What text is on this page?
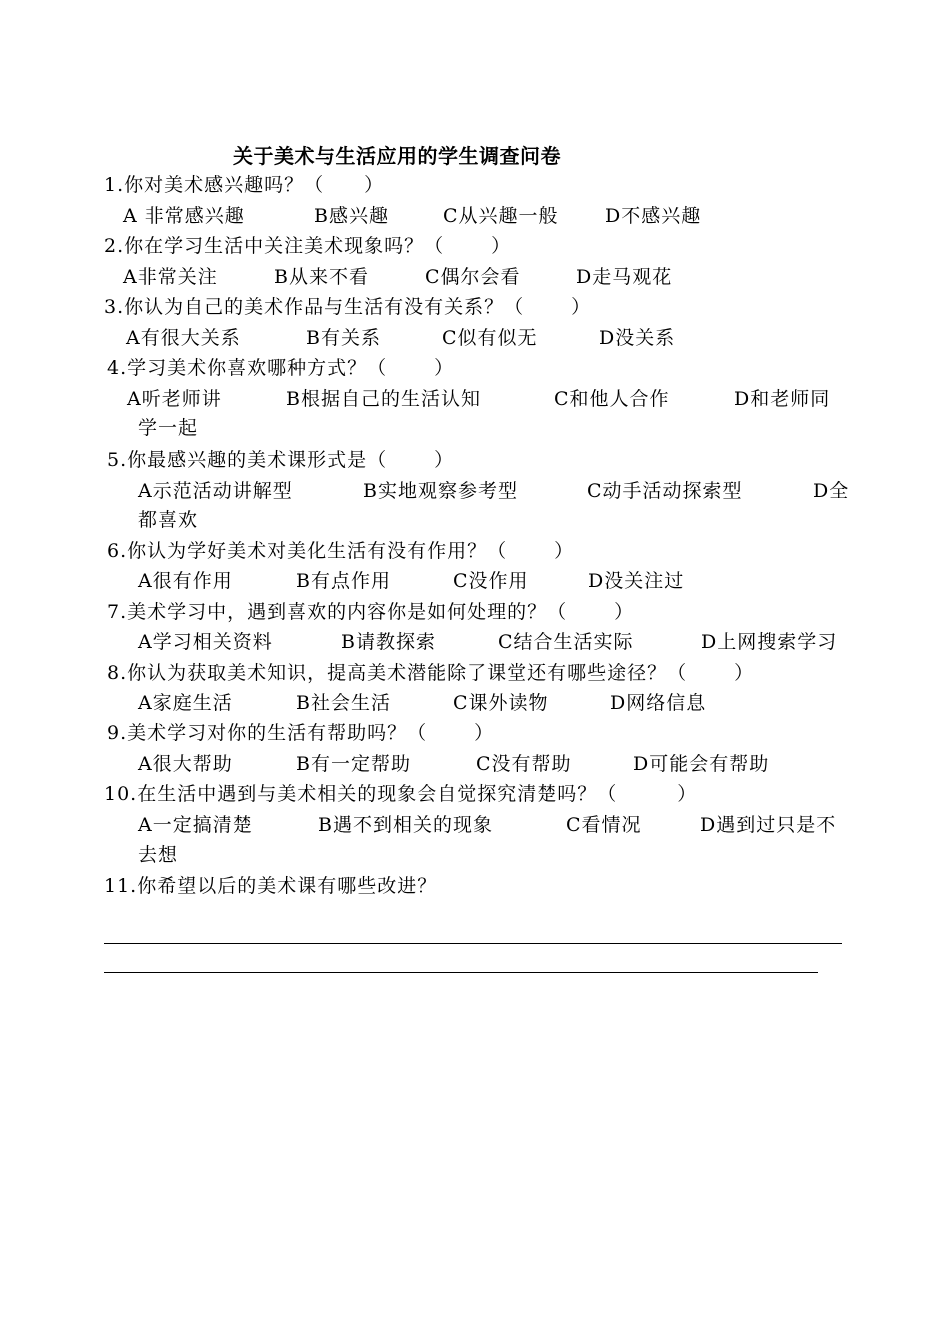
关于美术与生活应用的学生调查问卷
1.你对美术感兴趣吗？（　　）
A 非常感兴趣	B感兴趣	C从兴趣一般 D不感兴趣
2.你在学习生活中关注美术现象吗？（　　 ）
A非常关注	B从来不看	C偶尔会看	D走马观花
3.你认为自己的美术作品与生活有没有关系？（　　 ）
A有很大关系	B有关系	C似有似无	D没关系
4.学习美术你喜欢哪种方式？（　　 ）
A听老师讲	B根据自己的生活认知	C和他人合作	D和老师同
学一起
5.你最感兴趣的美术课形式是（　　 ）
A示范活动讲解型	B实地观察参考型	C动手活动探索型	D全
都喜欢
6.你认为学好美术对美化生活有没有作用？（　　 ）
A很有作用	B有点作用	C没作用	D没关注过
7.美术学习中，遇到喜欢的内容你是如何处理的？（　　 ）
A学习相关资料	B请教探索	C结合生活实际	D上网搜索学习
8.你认为获取美术知识，提高美术潜能除了课堂还有哪些途径？（　　 ）
A家庭生活	B社会生活	C课外读物	D网络信息
9.美术学习对你的生活有帮助吗？（　　 ）
A很大帮助	B有一定帮助	C没有帮助	D可能会有帮助
10.在生活中遇到与美术相关的现象会自觉探究清楚吗？（　　　）
A一定搞清楚	B遇不到相关的现象	C看情况	D遇到过只是不
去想
11.你希望以后的美术课有哪些改进？
